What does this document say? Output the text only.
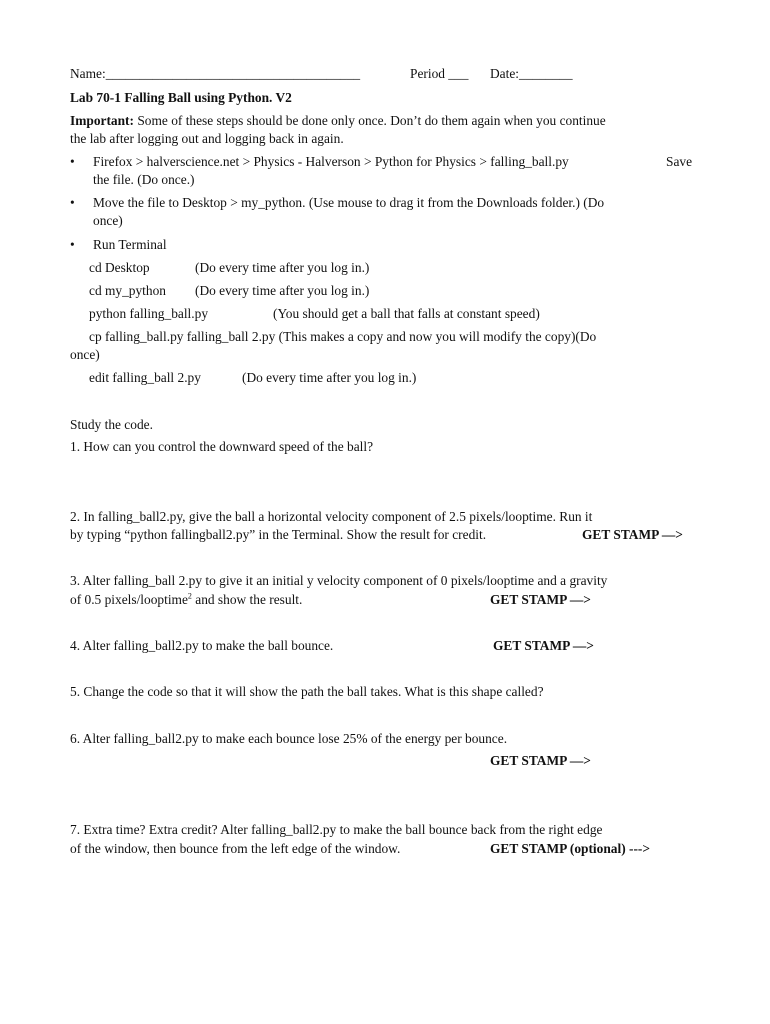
Name:______________________________________	Period ___ Date:________
Lab 70-1 Falling Ball using Python. V2
Important: Some of these steps should be done only once. Don’t do them again when you continue
the lab after logging out and logging back in again.
• Firefox > halverscience.net > Physics - Halverson > Python for Physics > falling_ball.py	Save
the file. (Do once.)
• Move the file to Desktop > my_python. (Use mouse to drag it from the Downloads folder.) (Do
once)
• Run Terminal
cd Desktop	(Do every time after you log in.)
cd my_python (Do every time after you log in.)
python falling_ball.py	(You should get a ball that falls at constant speed)
cp falling_ball.py falling_ball 2.py (This makes a copy and now you will modify the copy)(Do
once)
edit falling_ball 2.py	(Do every time after you log in.)
Study the code.
1. How can you control the downward speed of the ball?
2. In falling_ball2.py, give the ball a horizontal velocity component of 2.5 pixels/looptime. Run it
by typing “python fallingball2.py” in the Terminal. Show the result for credit.	GET STAMP —>
3. Alter falling_ball 2.py to give it an initial y velocity component of 0 pixels/looptime and a gravity
of 0.5 pixels/looptime$^2$ and show the result.	GET STAMP —>
4. Alter falling_ball2.py to make the ball bounce.	GET STAMP —>
5. Change the code so that it will show the path the ball takes. What is this shape called?
6. Alter falling_ball2.py to make each bounce lose 25% of the energy per bounce.
GET STAMP —>
7. Extra time? Extra credit? Alter falling_ball2.py to make the ball bounce back from the right edge
of the window, then bounce from the left edge of the window.	GET STAMP (optional) --->
